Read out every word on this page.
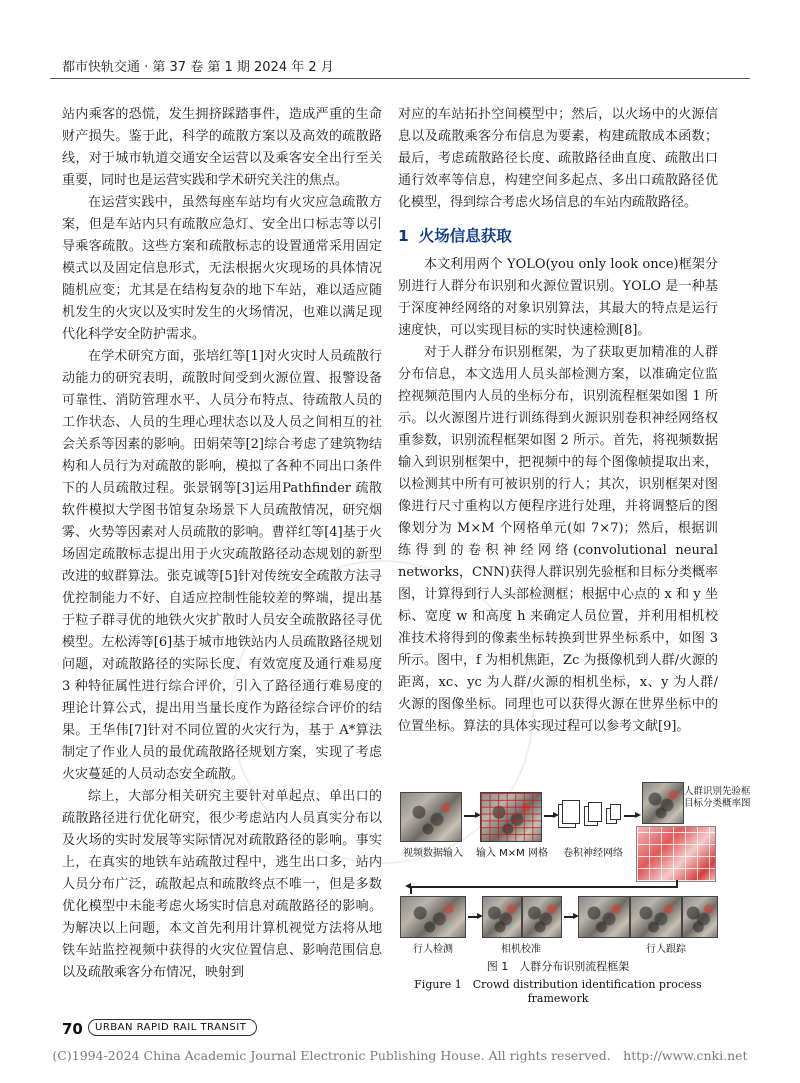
都市快轨交通 · 第 37 卷 第 1 期 2024 年 2 月

站内乘客的恐慌，发生拥挤踩踏事件，造成严重的生命财产损失。鉴于此，科学的疏散方案以及高效的疏散路线，对于城市轨道交通安全运营以及乘客安全出行至关重要，同时也是运营实践和学术研究关注的焦点。

在运营实践中，虽然每座车站均有火灾应急疏散方案，但是车站内只有疏散应急灯、安全出口标志等以引导乘客疏散。这些方案和疏散标志的设置通常采用固定模式以及固定信息形式，无法根据火灾现场的具体情况随机应变；尤其是在结构复杂的地下车站，难以适应随机发生的火灾以及实时发生的火场情况，也难以满足现代化科学安全防护需求。

在学术研究方面，张培红等[1]对火灾时人员疏散行动能力的研究表明，疏散时间受到火源位置、报警设备可靠性、消防管理水平、人员分布特点、待疏散人员的工作状态、人员的生理心理状态以及人员之间相互的社会关系等因素的影响。田娟荣等[2]综合考虑了建筑物结构和人员行为对疏散的影响，模拟了各种不同出口条件下的人员疏散过程。张景钢等[3]运用Pathfinder 疏散软件模拟大学图书馆复杂场景下人员疏散情况，研究烟雾、火势等因素对人员疏散的影响。曹祥红等[4]基于火场固定疏散标志提出用于火灾疏散路径动态规划的新型改进的蚁群算法。张克诚等[5]针对传统安全疏散方法寻优控制能力不好、自适应控制性能较差的弊端，提出基于粒子群寻优的地铁火灾扩散时人员安全疏散路径寻优模型。左松涛等[6]基于城市地铁站内人员疏散路径规划问题，对疏散路径的实际长度、有效宽度及通行难易度 3 种特征属性进行综合评价，引入了路径通行难易度的理论计算公式，提出用当量长度作为路径综合评价的结果。王华伟[7]针对不同位置的火灾行为，基于 A*算法制定了作业人员的最优疏散路径规划方案，实现了考虑火灾蔓延的人员动态安全疏散。

综上，大部分相关研究主要针对单起点、单出口的疏散路径进行优化研究，很少考虑站内人员真实分布以及火场的实时发展等实际情况对疏散路径的影响。事实上，在真实的地铁车站疏散过程中，逃生出口多，站内人员分布广泛，疏散起点和疏散终点不唯一，但是多数优化模型中未能考虑火场实时信息对疏散路径的影响。为解决以上问题，本文首先利用计算机视觉方法将从地铁车站监控视频中获得的火灾位置信息、影响范围信息以及疏散乘客分布情况，映射到

对应的车站拓扑空间模型中；然后，以火场中的火源信息以及疏散乘客分布信息为要素，构建疏散成本函数；最后，考虑疏散路径长度、疏散路径曲直度、疏散出口通行效率等信息，构建空间多起点、多出口疏散路径优化模型，得到综合考虑火场信息的车站内疏散路径。

1 火场信息获取

本文利用两个 YOLO(you only look once)框架分别进行人群分布识别和火源位置识别。YOLO 是一种基于深度神经网络的对象识别算法，其最大的特点是运行速度快，可以实现目标的实时快速检测[8]。

对于人群分布识别框架，为了获取更加精准的人群分布信息，本文选用人员头部检测方案，以准确定位监控视频范围内人员的坐标分布，识别流程框架如图 1 所示。以火源图片进行训练得到火源识别卷积神经网络权重参数，识别流程框架如图 2 所示。首先，将视频数据输入到识别框架中，把视频中的每个图像帧提取出来，以检测其中所有可被识别的行人；其次，识别框架对图像进行尺寸重构以方便程序进行处理，并将调整后的图像划分为 M×M 个网格单元(如 7×7)；然后，根据训练得到的卷积神经网络(convolutional neural networks，CNN)获得人群识别先验框和目标分类概率图，计算得到行人头部检测框；根据中心点的 x 和 y 坐标、宽度 w 和高度 h 来确定人员位置，并利用相机校准技术将得到的像素坐标转换到世界坐标系中，如图 3 所示。图中，f 为相机焦距，Zc 为摄像机到人群/火源的距离，xc、yc 为人群/火源的相机坐标，x、y 为人群/火源的图像坐标。同理也可以获得火源在世界坐标中的位置坐标。算法的具体实现过程可以参考文献[9]。

视频数据输入	输入 M×M 网格	卷积神经网络
人群识别先验框
目标分类概率图
行人检测	相机校准	行人跟踪
图 1　人群分布识别流程框架
Figure 1　Crowd distribution identification process framework
70	URBAN RAPID RAIL TRANSIT
(C)1994-2024 China Academic Journal Electronic Publishing House. All rights reserved.　http://www.cnki.net
